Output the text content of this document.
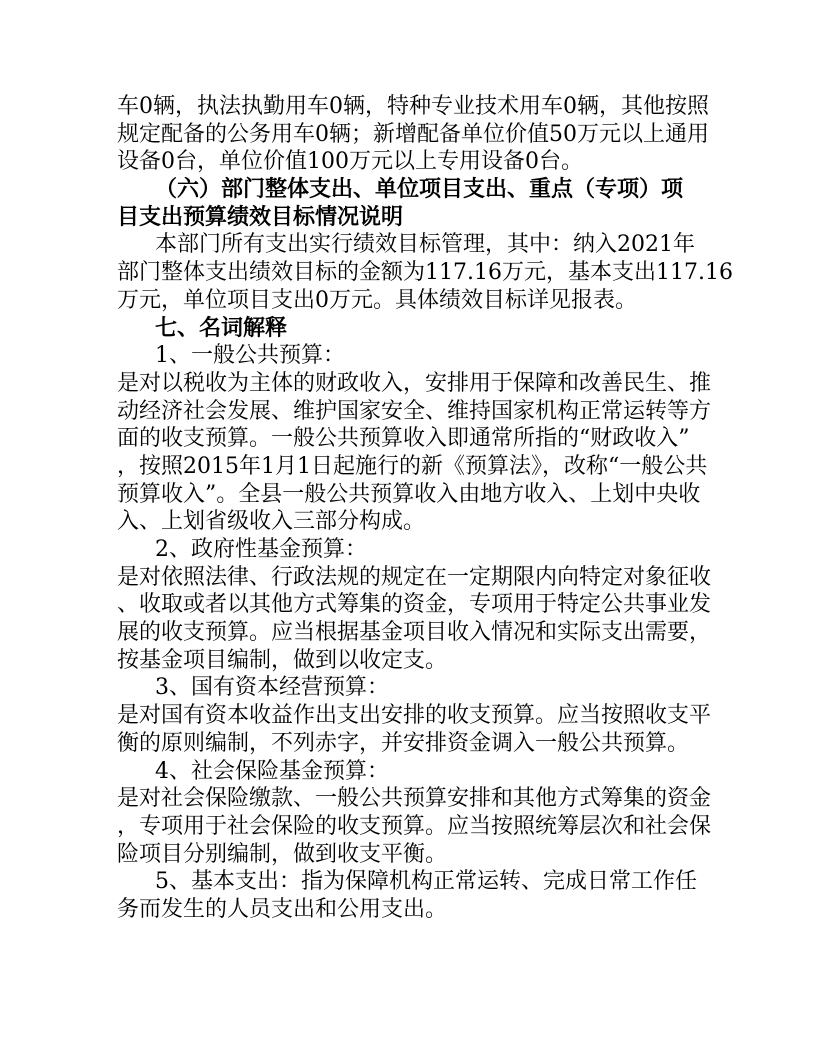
车0辆，执法执勤用车0辆，特种专业技术用车0辆，其他按照
规定配备的公务用车0辆；新增配备单位价值50万元以上通用
设备0台，单位价值100万元以上专用设备0台。
（六）部门整体支出、单位项目支出、重点（专项）项
目支出预算绩效目标情况说明
本部门所有支出实行绩效目标管理，其中：纳入2021年
部门整体支出绩效目标的金额为117.16万元，基本支出117.16
万元，单位项目支出0万元。具体绩效目标详见报表。
七、名词解释
1、一般公共预算：
是对以税收为主体的财政收入，安排用于保障和改善民生、推
动经济社会发展、维护国家安全、维持国家机构正常运转等方
面的收支预算。一般公共预算收入即通常所指的“财政收入”
，按照2015年1月1日起施行的新《预算法》，改称“一般公共
预算收入”。全县一般公共预算收入由地方收入、上划中央收
入、上划省级收入三部分构成。
2、政府性基金预算：
是对依照法律、行政法规的规定在一定期限内向特定对象征收
、收取或者以其他方式筹集的资金，专项用于特定公共事业发
展的收支预算。应当根据基金项目收入情况和实际支出需要，
按基金项目编制，做到以收定支。
3、国有资本经营预算：
是对国有资本收益作出支出安排的收支预算。应当按照收支平
衡的原则编制，不列赤字，并安排资金调入一般公共预算。
4、社会保险基金预算：
是对社会保险缴款、一般公共预算安排和其他方式筹集的资金
，专项用于社会保险的收支预算。应当按照统筹层次和社会保
险项目分别编制，做到收支平衡。
5、基本支出：指为保障机构正常运转、完成日常工作任
务而发生的人员支出和公用支出。
